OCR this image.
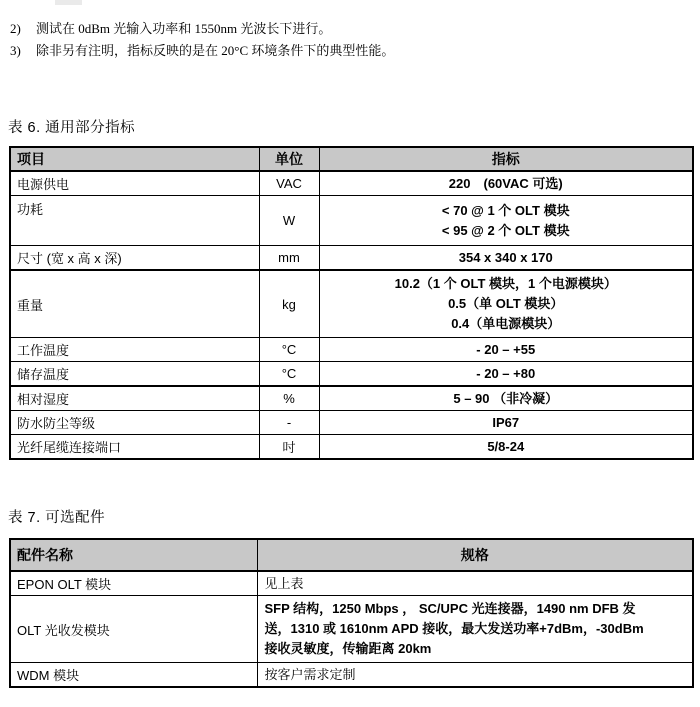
2)	测试在 0dBm 光输入功率和 1550nm 光波长下进行。
3)	除非另有注明，指标反映的是在 20°C 环境条件下的典型性能。
表 6. 通用部分指标
项目	单位	指标
电源供电	VAC	220　(60VAC 可选)

功耗	W	< 70 @ 1 个 OLT 模块
< 95 @ 2 个 OLT 模块

尺寸 (宽 x 高 x 深)	mm	354 x 340 x 170

重量	kg	10.2（1 个 OLT 模块，1 个电源模块）
0.5（单 OLT 模块）
0.4（单电源模块）

工作温度	°C	- 20 – +55

储存温度	°C	- 20 – +80

相对湿度	%	5 – 90 （非冷凝）

防水防尘等级	-	IP67

光纤尾缆连接端口	吋	5/8-24
表 7. 可选配件
配件名称	规格
EPON OLT 模块	见上表

OLT 光收发模块	SFP 结构，1250 Mbps ， SC/UPC 光连接器，1490 nm DFB 发
送，1310 或 1610nm APD 接收，最大发送功率+7dBm，-30dBm
接收灵敏度，传输距离 20km

WDM 模块	按客户需求定制
